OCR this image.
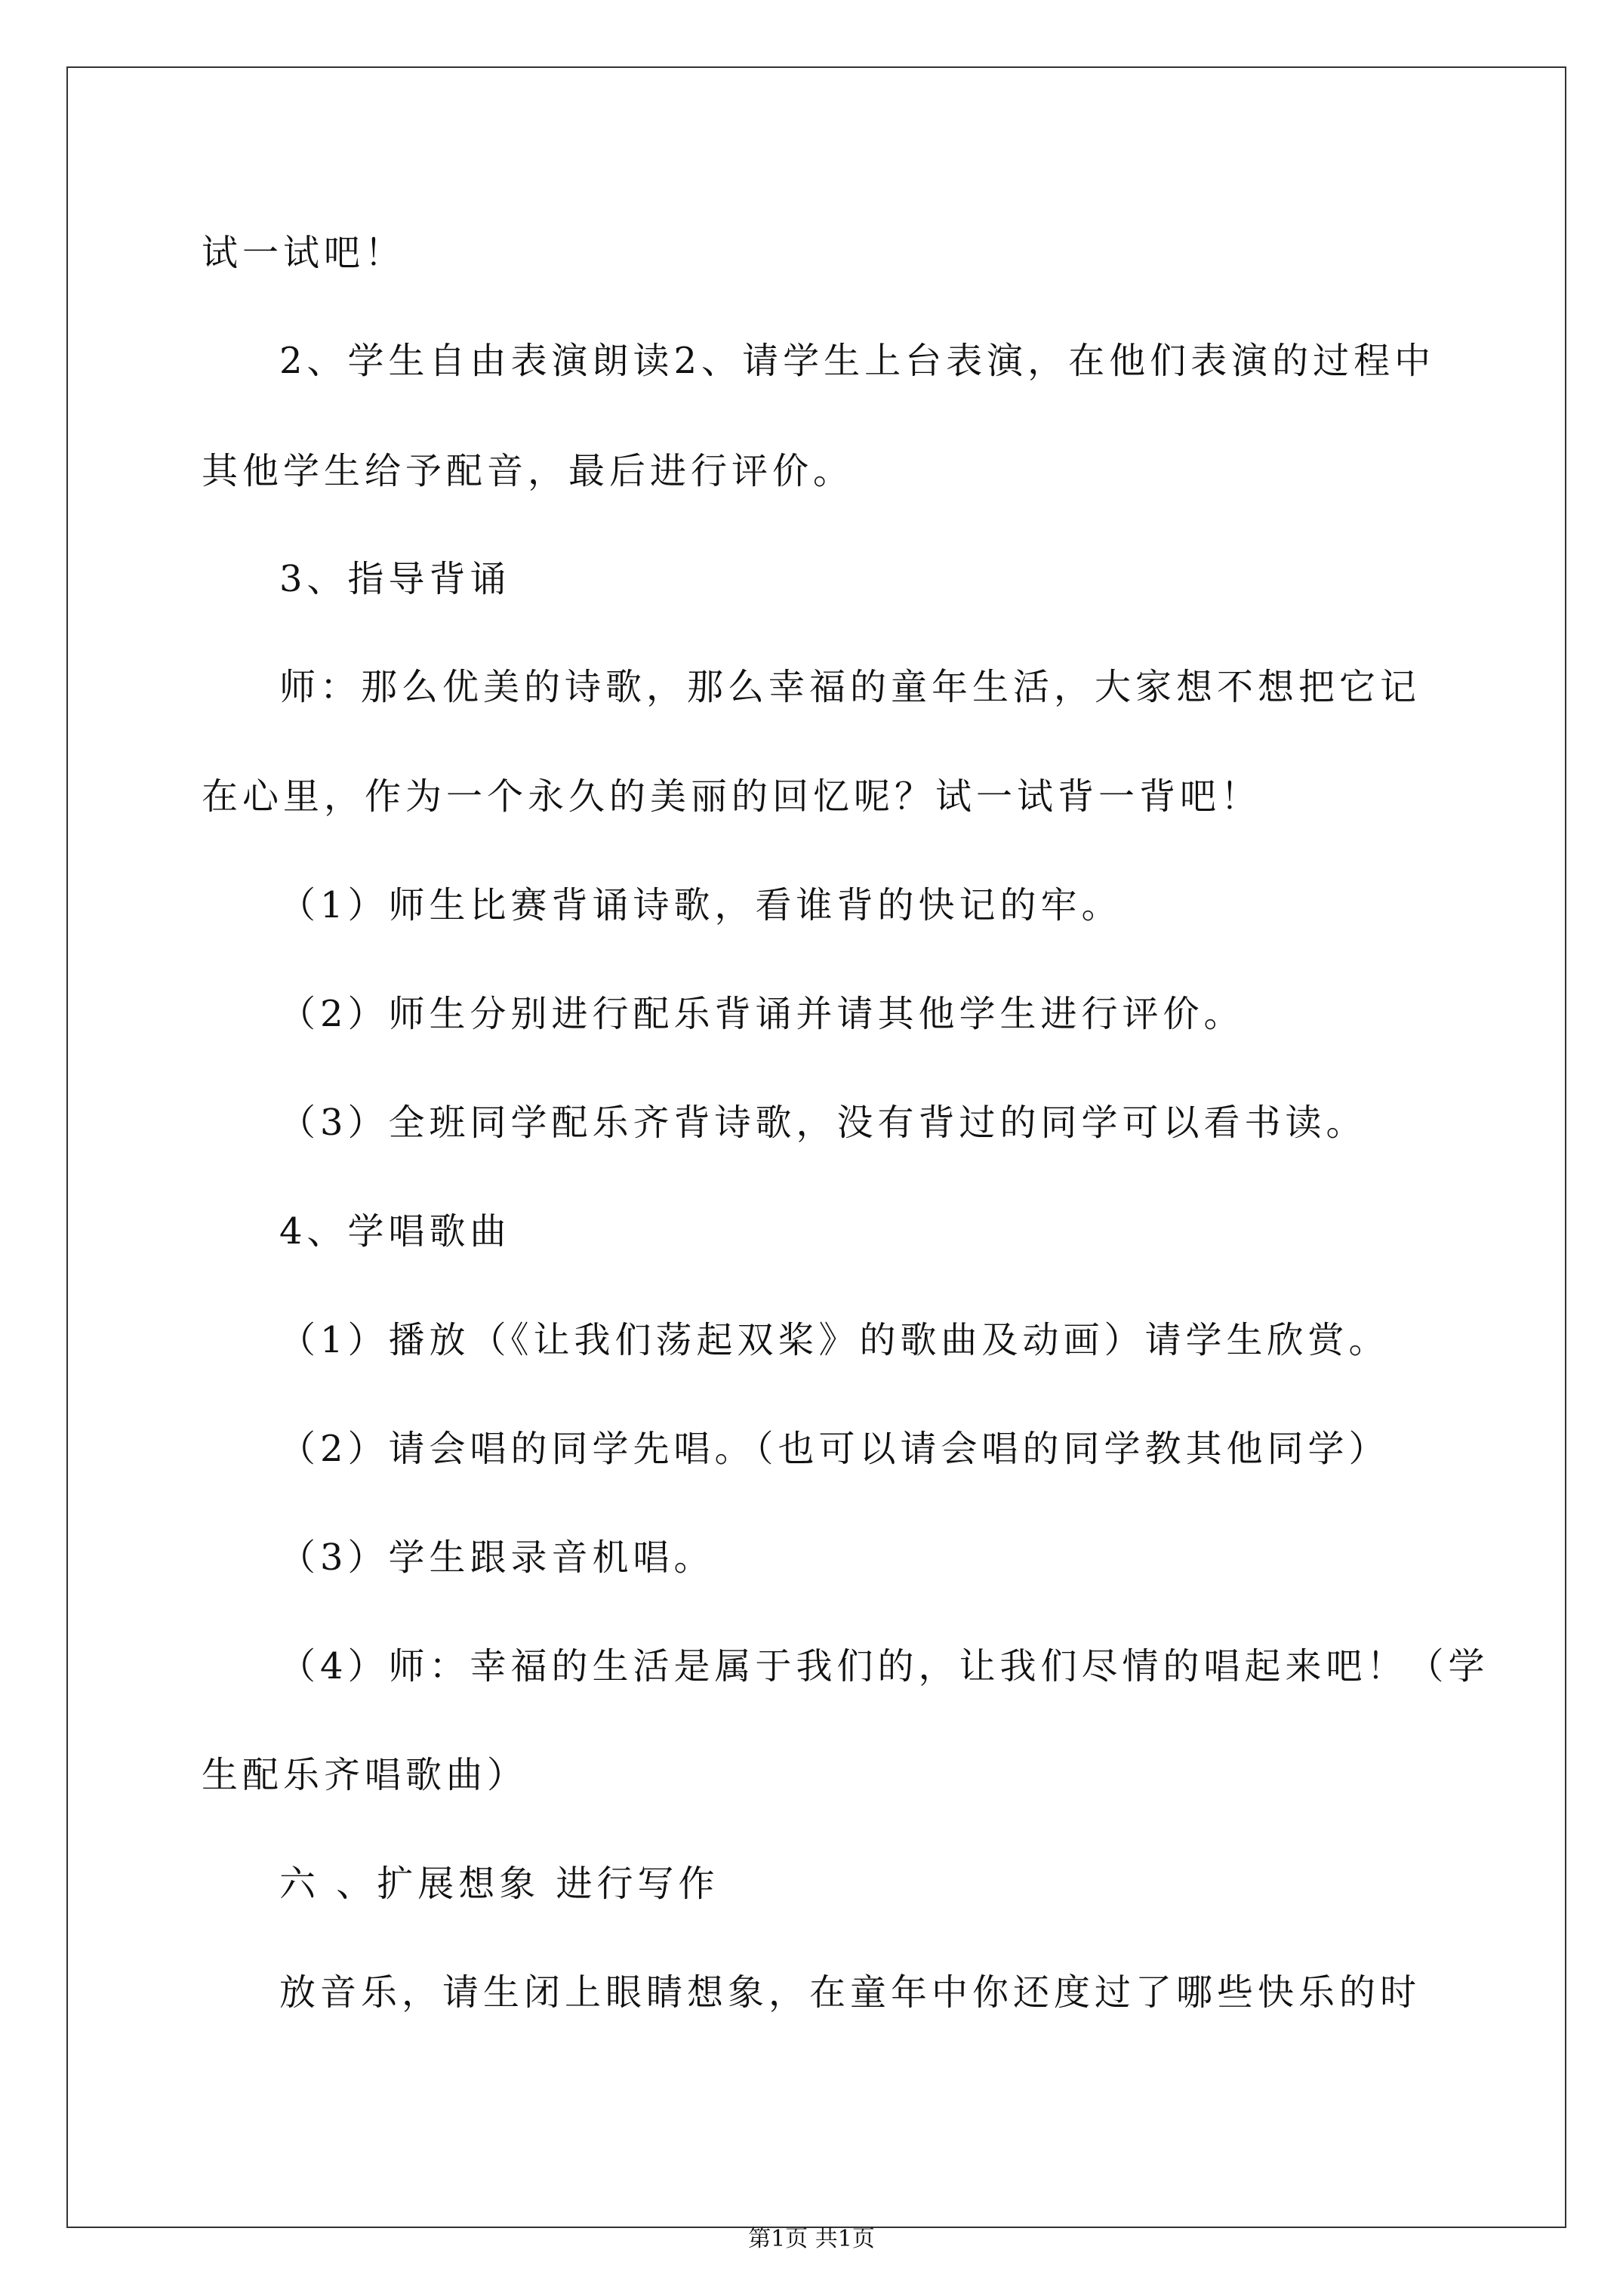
试一试吧！

2、学生自由表演朗读2、请学生上台表演，在他们表演的过程中

其他学生给予配音，最后进行评价。

3、指导背诵

师：那么优美的诗歌，那么幸福的童年生活，大家想不想把它记

在心里，作为一个永久的美丽的回忆呢？试一试背一背吧！

（1）师生比赛背诵诗歌，看谁背的快记的牢。

（2）师生分别进行配乐背诵并请其他学生进行评价。

（3）全班同学配乐齐背诗歌，没有背过的同学可以看书读。

4、学唱歌曲

（1）播放（《让我们荡起双桨》的歌曲及动画）请学生欣赏。

（2）请会唱的同学先唱。（也可以请会唱的同学教其他同学）

（3）学生跟录音机唱。

（4）师：幸福的生活是属于我们的，让我们尽情的唱起来吧！（学

生配乐齐唱歌曲）

六 、扩展想象 进行写作

放音乐，请生闭上眼睛想象，在童年中你还度过了哪些快乐的时

第1页 共1页
